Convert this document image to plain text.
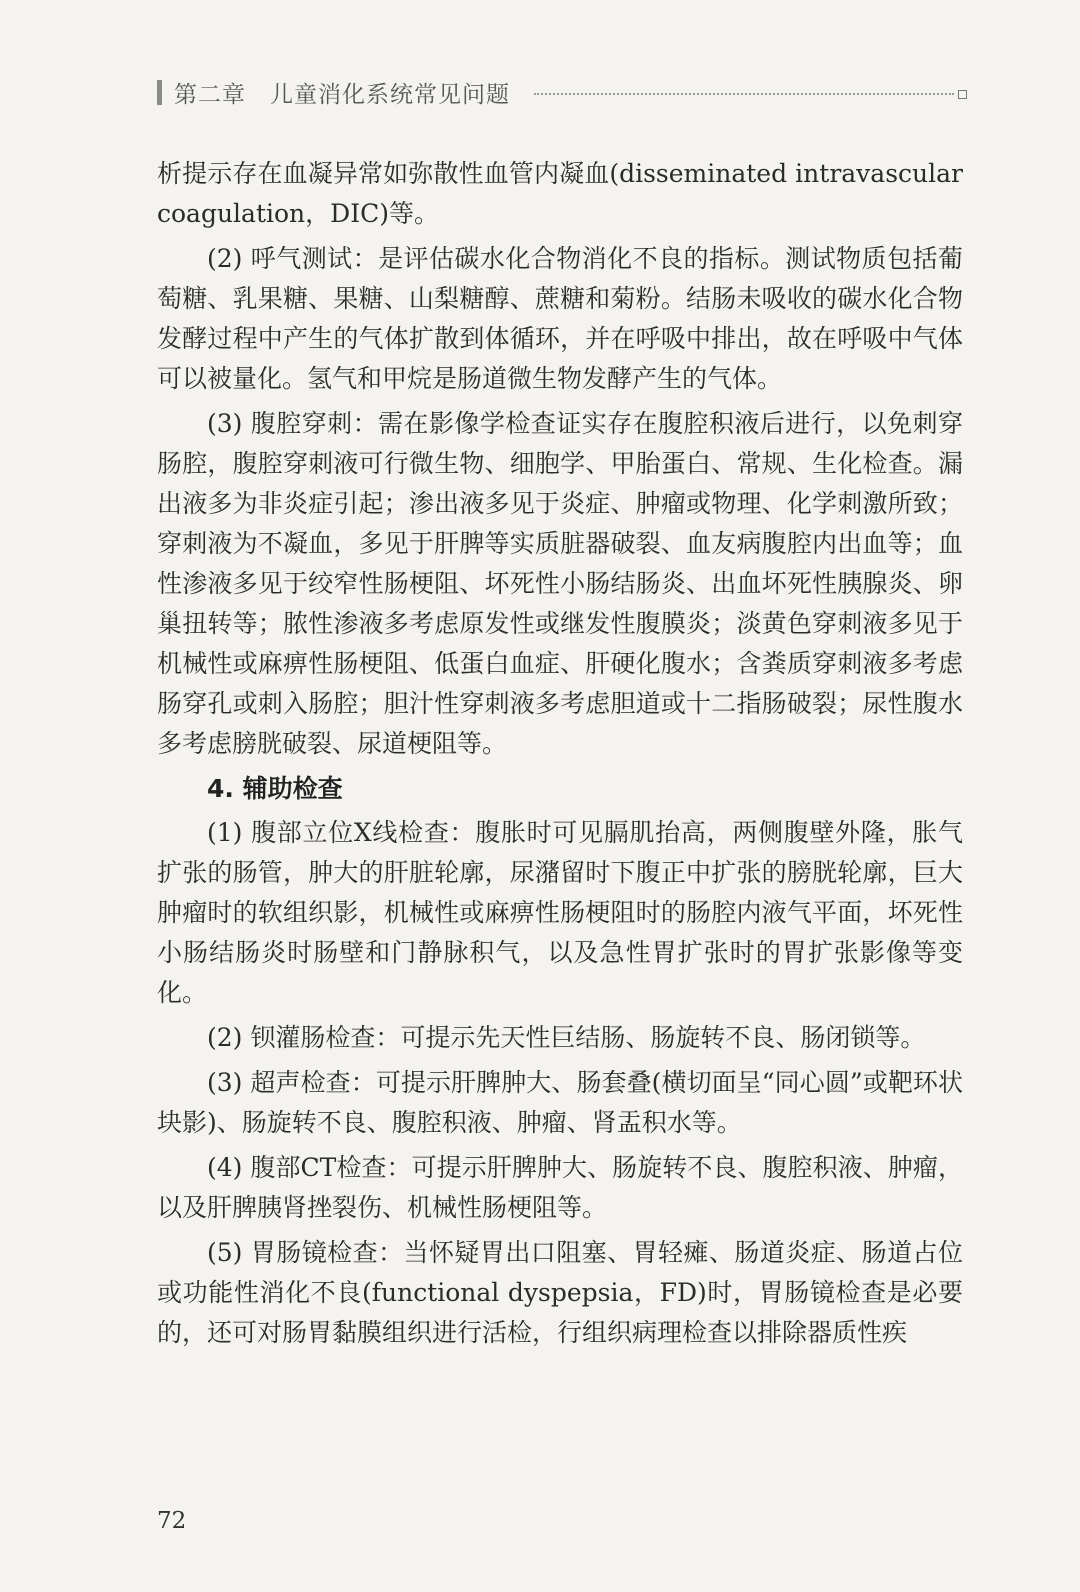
第二章　儿童消化系统常见问题

析提示存在血凝异常如弥散性血管内凝血(disseminated intravascular coagulation，DIC)等。

(2) 呼气测试：是评估碳水化合物消化不良的指标。测试物质包括葡萄糖、乳果糖、果糖、山梨糖醇、蔗糖和菊粉。结肠未吸收的碳水化合物发酵过程中产生的气体扩散到体循环，并在呼吸中排出，故在呼吸中气体可以被量化。氢气和甲烷是肠道微生物发酵产生的气体。

(3) 腹腔穿刺：需在影像学检查证实存在腹腔积液后进行，以免刺穿肠腔，腹腔穿刺液可行微生物、细胞学、甲胎蛋白、常规、生化检查。漏出液多为非炎症引起；渗出液多见于炎症、肿瘤或物理、化学刺激所致；穿刺液为不凝血，多见于肝脾等实质脏器破裂、血友病腹腔内出血等；血性渗液多见于绞窄性肠梗阻、坏死性小肠结肠炎、出血坏死性胰腺炎、卵巢扭转等；脓性渗液多考虑原发性或继发性腹膜炎；淡黄色穿刺液多见于机械性或麻痹性肠梗阻、低蛋白血症、肝硬化腹水；含粪质穿刺液多考虑肠穿孔或刺入肠腔；胆汁性穿刺液多考虑胆道或十二指肠破裂；尿性腹水多考虑膀胱破裂、尿道梗阻等。

4. 辅助检查

(1) 腹部立位X线检查：腹胀时可见膈肌抬高，两侧腹壁外隆，胀气扩张的肠管，肿大的肝脏轮廓，尿潴留时下腹正中扩张的膀胱轮廓，巨大肿瘤时的软组织影，机械性或麻痹性肠梗阻时的肠腔内液气平面，坏死性小肠结肠炎时肠壁和门静脉积气，以及急性胃扩张时的胃扩张影像等变化。

(2) 钡灌肠检查：可提示先天性巨结肠、肠旋转不良、肠闭锁等。

(3) 超声检查：可提示肝脾肿大、肠套叠(横切面呈“同心圆”或靶环状块影)、肠旋转不良、腹腔积液、肿瘤、肾盂积水等。

(4) 腹部CT检查：可提示肝脾肿大、肠旋转不良、腹腔积液、肿瘤，以及肝脾胰肾挫裂伤、机械性肠梗阻等。

(5) 胃肠镜检查：当怀疑胃出口阻塞、胃轻瘫、肠道炎症、肠道占位或功能性消化不良(functional dyspepsia，FD)时，胃肠镜检查是必要的，还可对肠胃黏膜组织进行活检，行组织病理检查以排除器质性疾

72
